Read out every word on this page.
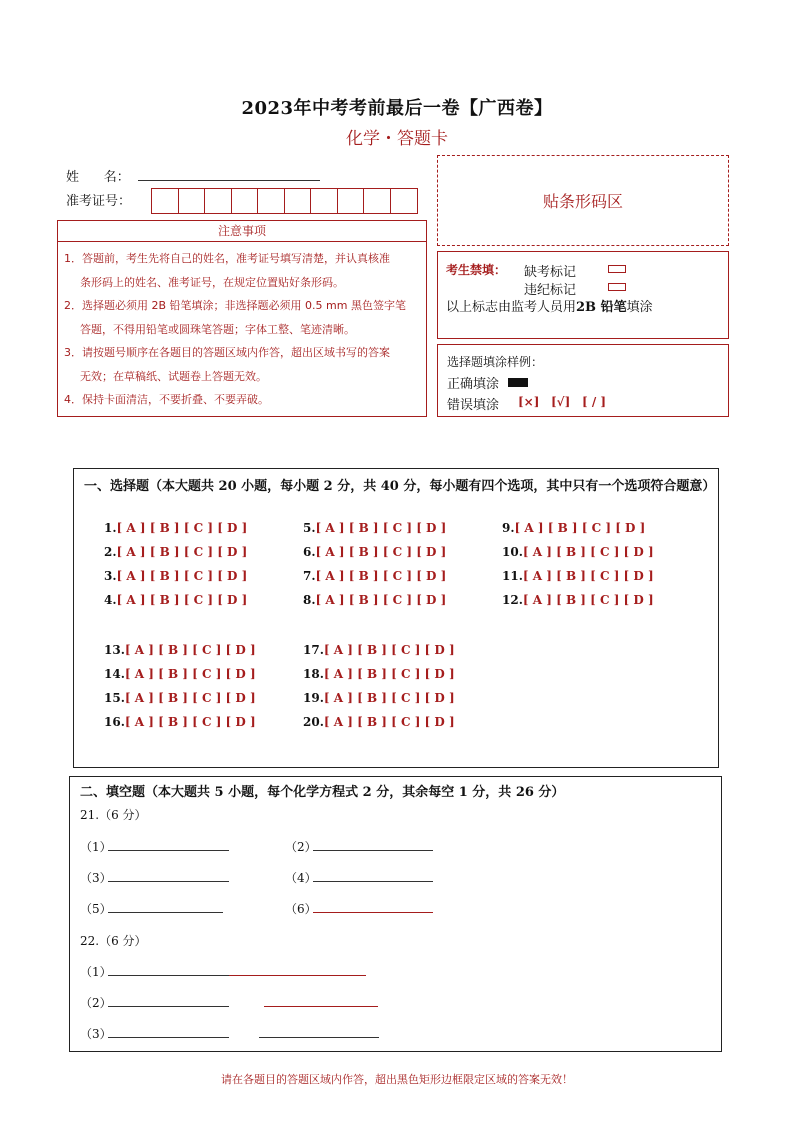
2023年中考考前最后一卷【广西卷】
化学・答题卡
姓      名：
准考证号：	贴条形码区
注意事项

1．答题前，考生先将自己的姓名，准考证号填写清楚，并认真核准

条形码上的姓名、准考证号，在规定位置贴好条形码。

2．选择题必须用 2B 铅笔填涂；非选择题必须用 0.5 mm 黑色签字笔

答题，不得用铅笔或圆珠笔答题；字体工整、笔迹清晰。

3．请按题号顺序在各题目的答题区域内作答，超出区域书写的答案

无效；在草稿纸、试题卷上答题无效。

4．保持卡面清洁，不要折叠、不要弄破。

考生禁填： 缺考标记
违纪标记
以上标志由监考人员用2B 铅笔填涂
选择题填涂样例：
正确填涂
错误填涂 [×] [√] [ / ]
一、选择题（本大题共 20 小题，每小题 2 分，共 40 分，每小题有四个选项，其中只有一个选项符合题意）
1.[ A ] [ B ] [ C ] [ D ]
2.[ A ] [ B ] [ C ] [ D ]
3.[ A ] [ B ] [ C ] [ D ]
4.[ A ] [ B ] [ C ] [ D ]
5.[ A ] [ B ] [ C ] [ D ]
6.[ A ] [ B ] [ C ] [ D ]
7.[ A ] [ B ] [ C ] [ D ]
8.[ A ] [ B ] [ C ] [ D ]
9.[ A ] [ B ] [ C ] [ D ]
10.[ A ] [ B ] [ C ] [ D ]
11.[ A ] [ B ] [ C ] [ D ]
12.[ A ] [ B ] [ C ] [ D ]
13.[ A ] [ B ] [ C ] [ D ]
14.[ A ] [ B ] [ C ] [ D ]
15.[ A ] [ B ] [ C ] [ D ]
16.[ A ] [ B ] [ C ] [ D ]
17.[ A ] [ B ] [ C ] [ D ]
18.[ A ] [ B ] [ C ] [ D ]
19.[ A ] [ B ] [ C ] [ D ]
20.[ A ] [ B ] [ C ] [ D ]
二、填空题（本大题共 5 小题，每个化学方程式 2 分，其余每空 1 分，共 26 分）
21.（6 分）
（1）	（2）
（3）	（4）
（5）	（6）
22.（6 分）
（1）
（2）
（3）
请在各题目的答题区域内作答，超出黑色矩形边框限定区域的答案无效！
